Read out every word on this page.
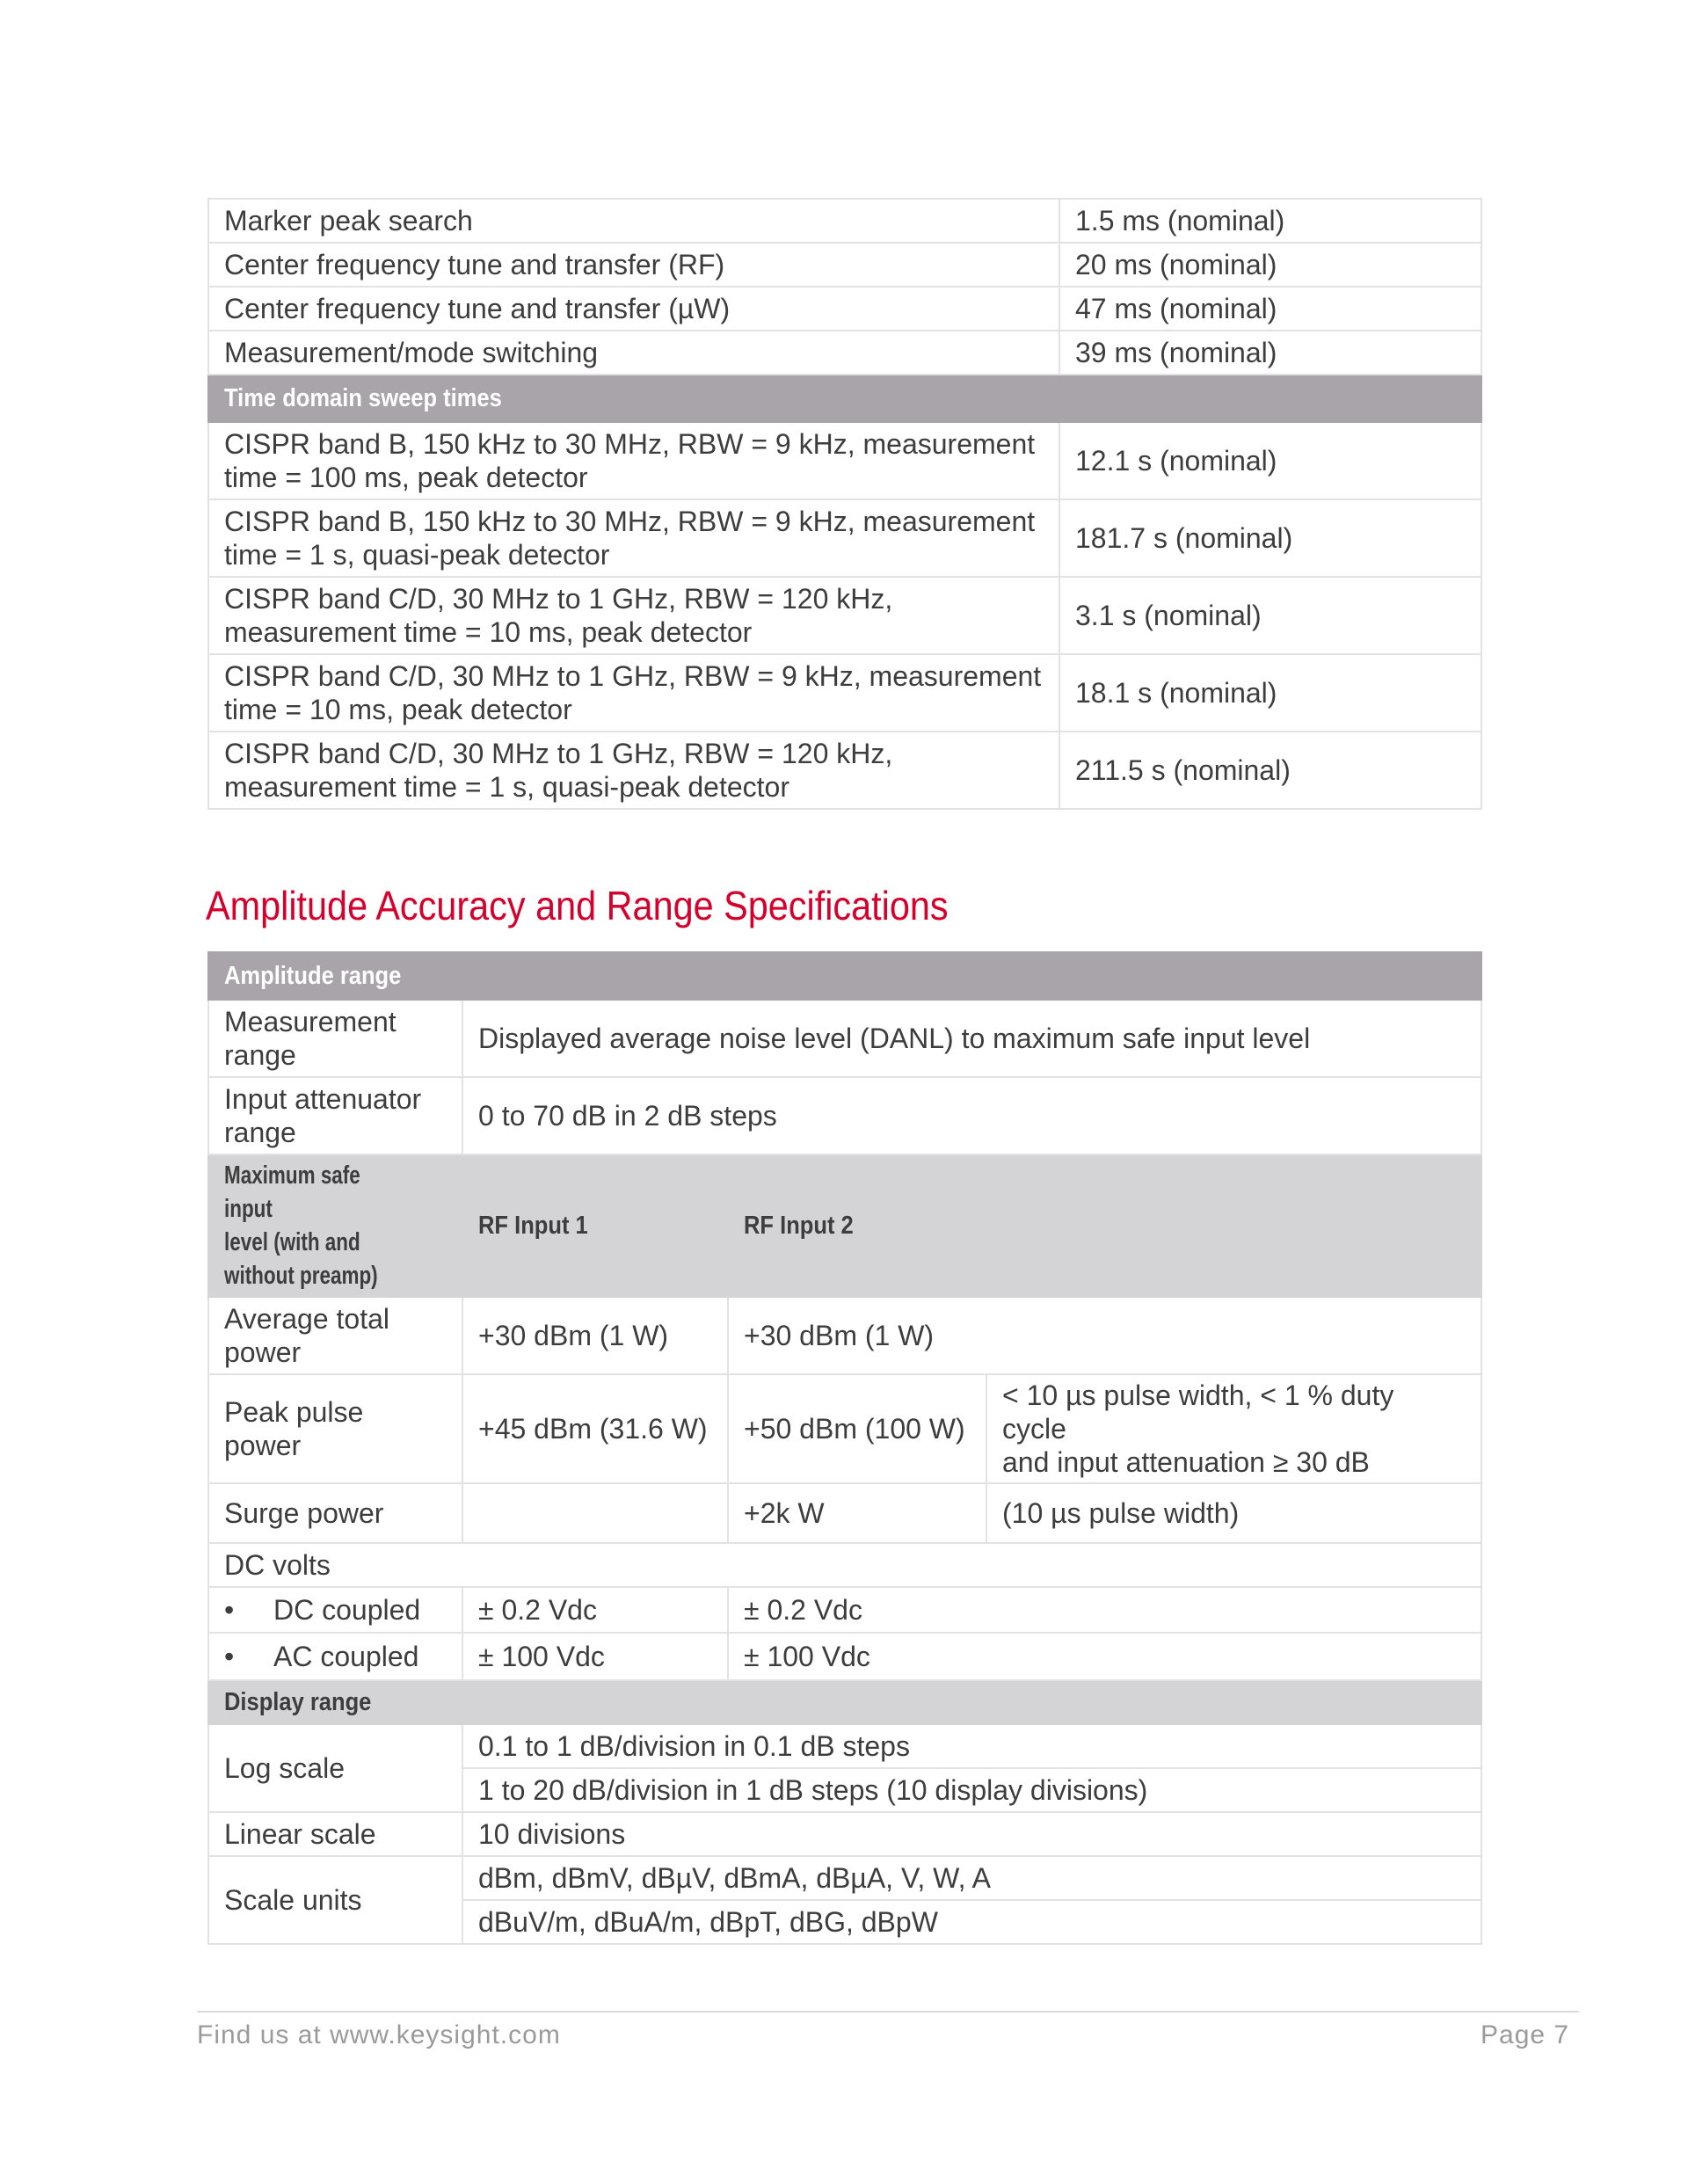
Marker peak search	1.5 ms (nominal)
Center frequency tune and transfer (RF)	20 ms (nominal)
Center frequency tune and transfer (µW)	47 ms (nominal)
Measurement/mode switching	39 ms (nominal)
Time domain sweep times	
CISPR band B, 150 kHz to 30 MHz, RBW = 9 kHz, measurement
time = 100 ms, peak detector	12.1 s (nominal)
CISPR band B, 150 kHz to 30 MHz, RBW = 9 kHz, measurement
time = 1 s, quasi-peak detector	181.7 s (nominal)
CISPR band C/D, 30 MHz to 1 GHz, RBW = 120 kHz,
measurement time = 10 ms, peak detector	3.1 s (nominal)
CISPR band C/D, 30 MHz to 1 GHz, RBW = 9 kHz, measurement
time = 10 ms, peak detector	18.1 s (nominal)
CISPR band C/D, 30 MHz to 1 GHz, RBW = 120 kHz,
measurement time = 1 s, quasi-peak detector	211.5 s (nominal)
Amplitude Accuracy and Range Specifications
Amplitude range			
Measurement
range	Displayed average noise level (DANL) to maximum safe input level		
Input attenuator
range	0 to 70 dB in 2 dB steps		
Maximum safe input
level (with and
without preamp)	RF Input 1	RF Input 2	
Average total
power	+30 dBm (1 W)	+30 dBm (1 W)	
Peak pulse power	+45 dBm (31.6 W)	+50 dBm (100 W)	< 10 µs pulse width, < 1 % duty cycle
and input attenuation ≥ 30 dB
Surge power		+2k W	(10 µs pulse width)
DC volts			
• DC coupled	± 0.2 Vdc	± 0.2 Vdc	
• AC coupled	± 100 Vdc	± 100 Vdc	
Display range			
Log scale	0.1 to 1 dB/division in 0.1 dB steps		
	1 to 20 dB/division in 1 dB steps (10 display divisions)		
Linear scale	10 divisions		
Scale units	dBm, dBmV, dBµV, dBmA, dBµA, V, W, A		
	dBuV/m, dBuA/m, dBpT, dBG, dBpW		
Find us at www.keysight.com	Page 7
